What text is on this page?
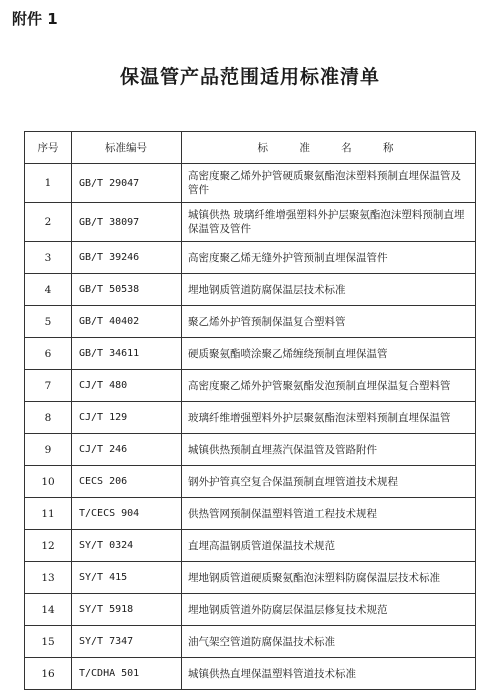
附件 1
保温管产品范围适用标准清单
序号	标准编号	标 准 名 称
1	GB/T 29047	高密度聚乙烯外护管硬质聚氨酯泡沫塑料预制直埋保温管及管件
2	GB/T 38097	城镇供热 玻璃纤维增强塑料外护层聚氨酯泡沫塑料预制直埋保温管及管件
3	GB/T 39246	高密度聚乙烯无缝外护管预制直埋保温管件
4	GB/T 50538	埋地钢质管道防腐保温层技术标准
5	GB/T 40402	聚乙烯外护管预制保温复合塑料管
6	GB/T 34611	硬质聚氨酯喷涂聚乙烯缠绕预制直埋保温管
7	CJ/T 480	高密度聚乙烯外护管聚氨酯发泡预制直埋保温复合塑料管
8	CJ/T 129	玻璃纤维增强塑料外护层聚氨酯泡沫塑料预制直埋保温管
9	CJ/T 246	城镇供热预制直埋蒸汽保温管及管路附件
10	CECS 206	钢外护管真空复合保温预制直埋管道技术规程
11	T/CECS 904	供热管网预制保温塑料管道工程技术规程
12	SY/T 0324	直埋高温钢质管道保温技术规范
13	SY/T 415	埋地钢质管道硬质聚氨酯泡沫塑料防腐保温层技术标准
14	SY/T 5918	埋地钢质管道外防腐层保温层修复技术规范
15	SY/T 7347	油气架空管道防腐保温技术标准
16	T/CDHA 501	城镇供热直埋保温塑料管道技术标准
